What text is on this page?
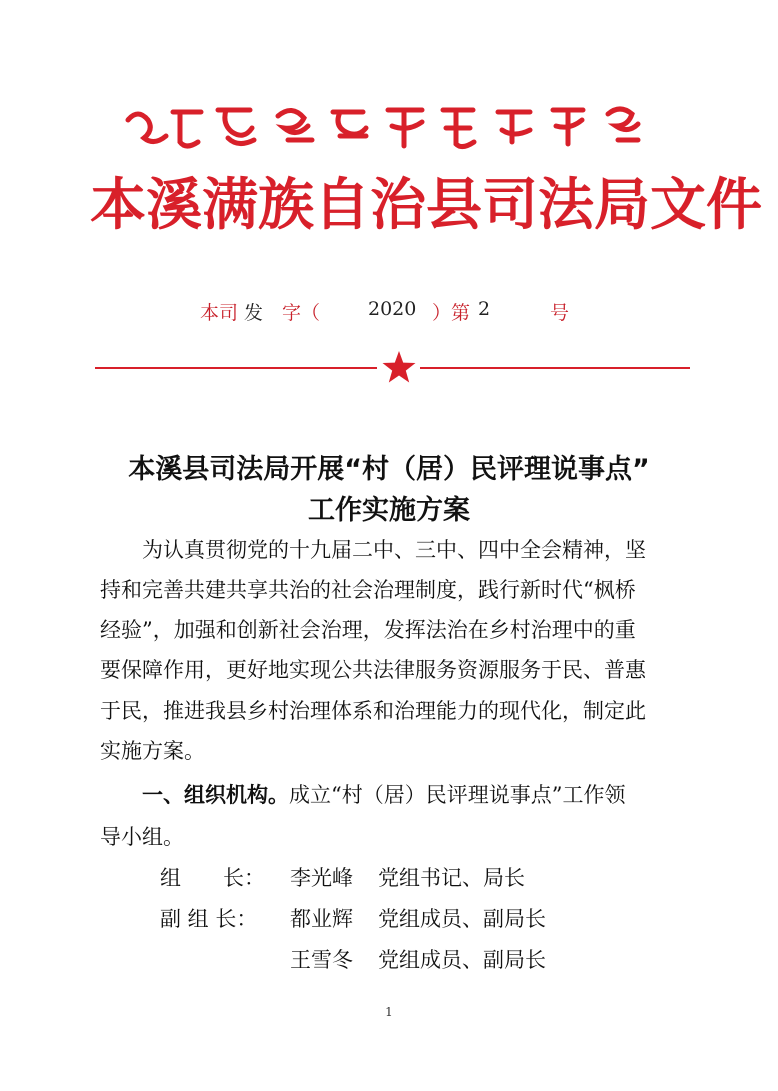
本溪满族自治县司法局文件
本司 发 字（	2020 ）第 2	号
本溪县司法局开展“村（居）民评理说事点”
工作实施方案
　　为认真贯彻党的十九届二中、三中、四中全会精神，坚
持和完善共建共享共治的社会治理制度，践行新时代“枫桥
经验”，加强和创新社会治理，发挥法治在乡村治理中的重
要保障作用，更好地实现公共法律服务资源服务于民、普惠
于民，推进我县乡村治理体系和治理能力的现代化，制定此
实施方案。
　　一、组织机构。成立“村（居）民评理说事点”工作领
导小组。
组　　长： 李光峰 党组书记、局长
副 组 长： 都业辉 党组成员、副局长
王雪冬 党组成员、副局长
1
